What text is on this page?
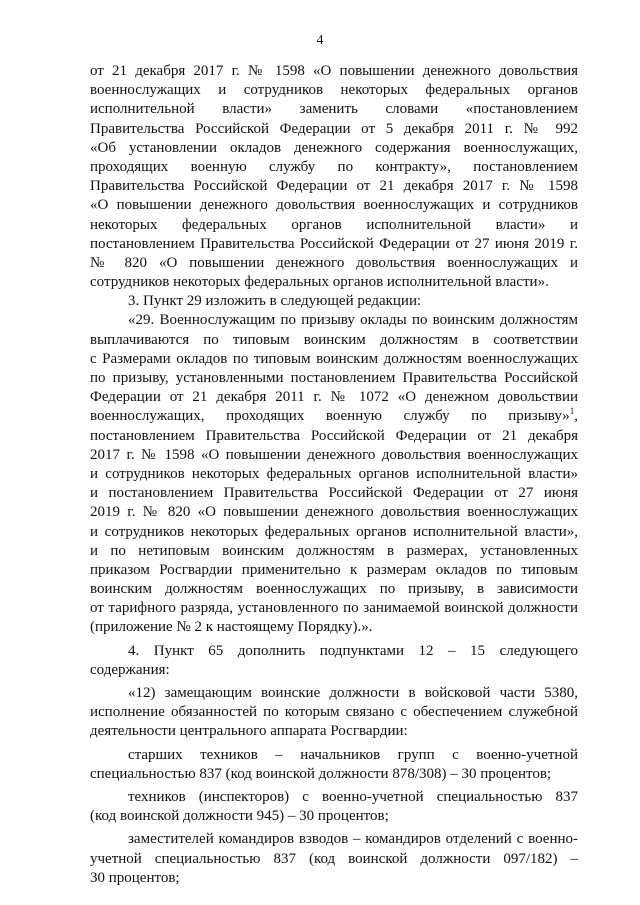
4
от 21 декабря 2017 г. № 1598 «О повышении денежного довольствия
военнослужащих и сотрудников некоторых федеральных органов
исполнительной власти» заменить словами «постановлением
Правительства Российской Федерации от 5 декабря 2011 г. № 992
«Об установлении окладов денежного содержания военнослужащих,
проходящих военную службу по контракту», постановлением
Правительства Российской Федерации от 21 декабря 2017 г. № 1598
«О повышении денежного довольствия военнослужащих и сотрудников
некоторых федеральных органов исполнительной власти» и
постановлением Правительства Российской Федерации от 27 июня 2019 г.
№ 820 «О повышении денежного довольствия военнослужащих и
сотрудников некоторых федеральных органов исполнительной власти».
3. Пункт 29 изложить в следующей редакции:
«29. Военнослужащим по призыву оклады по воинским должностям
выплачиваются по типовым воинским должностям в соответствии
с Размерами окладов по типовым воинским должностям военнослужащих
по призыву, установленными постановлением Правительства Российской
Федерации от 21 декабря 2011 г. № 1072 «О денежном довольствии
военнослужащих, проходящих военную службу по призыву»$^1$,
постановлением Правительства Российской Федерации от 21 декабря
2017 г. № 1598 «О повышении денежного довольствия военнослужащих
и сотрудников некоторых федеральных органов исполнительной власти»
и постановлением Правительства Российской Федерации от 27 июня
2019 г. № 820 «О повышении денежного довольствия военнослужащих
и сотрудников некоторых федеральных органов исполнительной власти»,
и по нетиповым воинским должностям в размерах, установленных
приказом Росгвардии применительно к размерам окладов по типовым
воинским должностям военнослужащих по призыву, в зависимости
от тарифного разряда, установленного по занимаемой воинской должности
(приложение № 2 к настоящему Порядку).».
4. Пункт 65 дополнить подпунктами 12 – 15 следующего
содержания:
«12) замещающим воинские должности в войсковой части 5380,
исполнение обязанностей по которым связано с обеспечением служебной
деятельности центрального аппарата Росгвардии:
старших техников – начальников групп с военно-учетной
специальностью 837 (код воинской должности 878/308) – 30 процентов;
техников (инспекторов) с военно-учетной специальностью 837
(код воинской должности 945) – 30 процентов;
заместителей командиров взводов – командиров отделений с военно-
учетной специальностью 837 (код воинской должности 097/182) –
30 процентов;
